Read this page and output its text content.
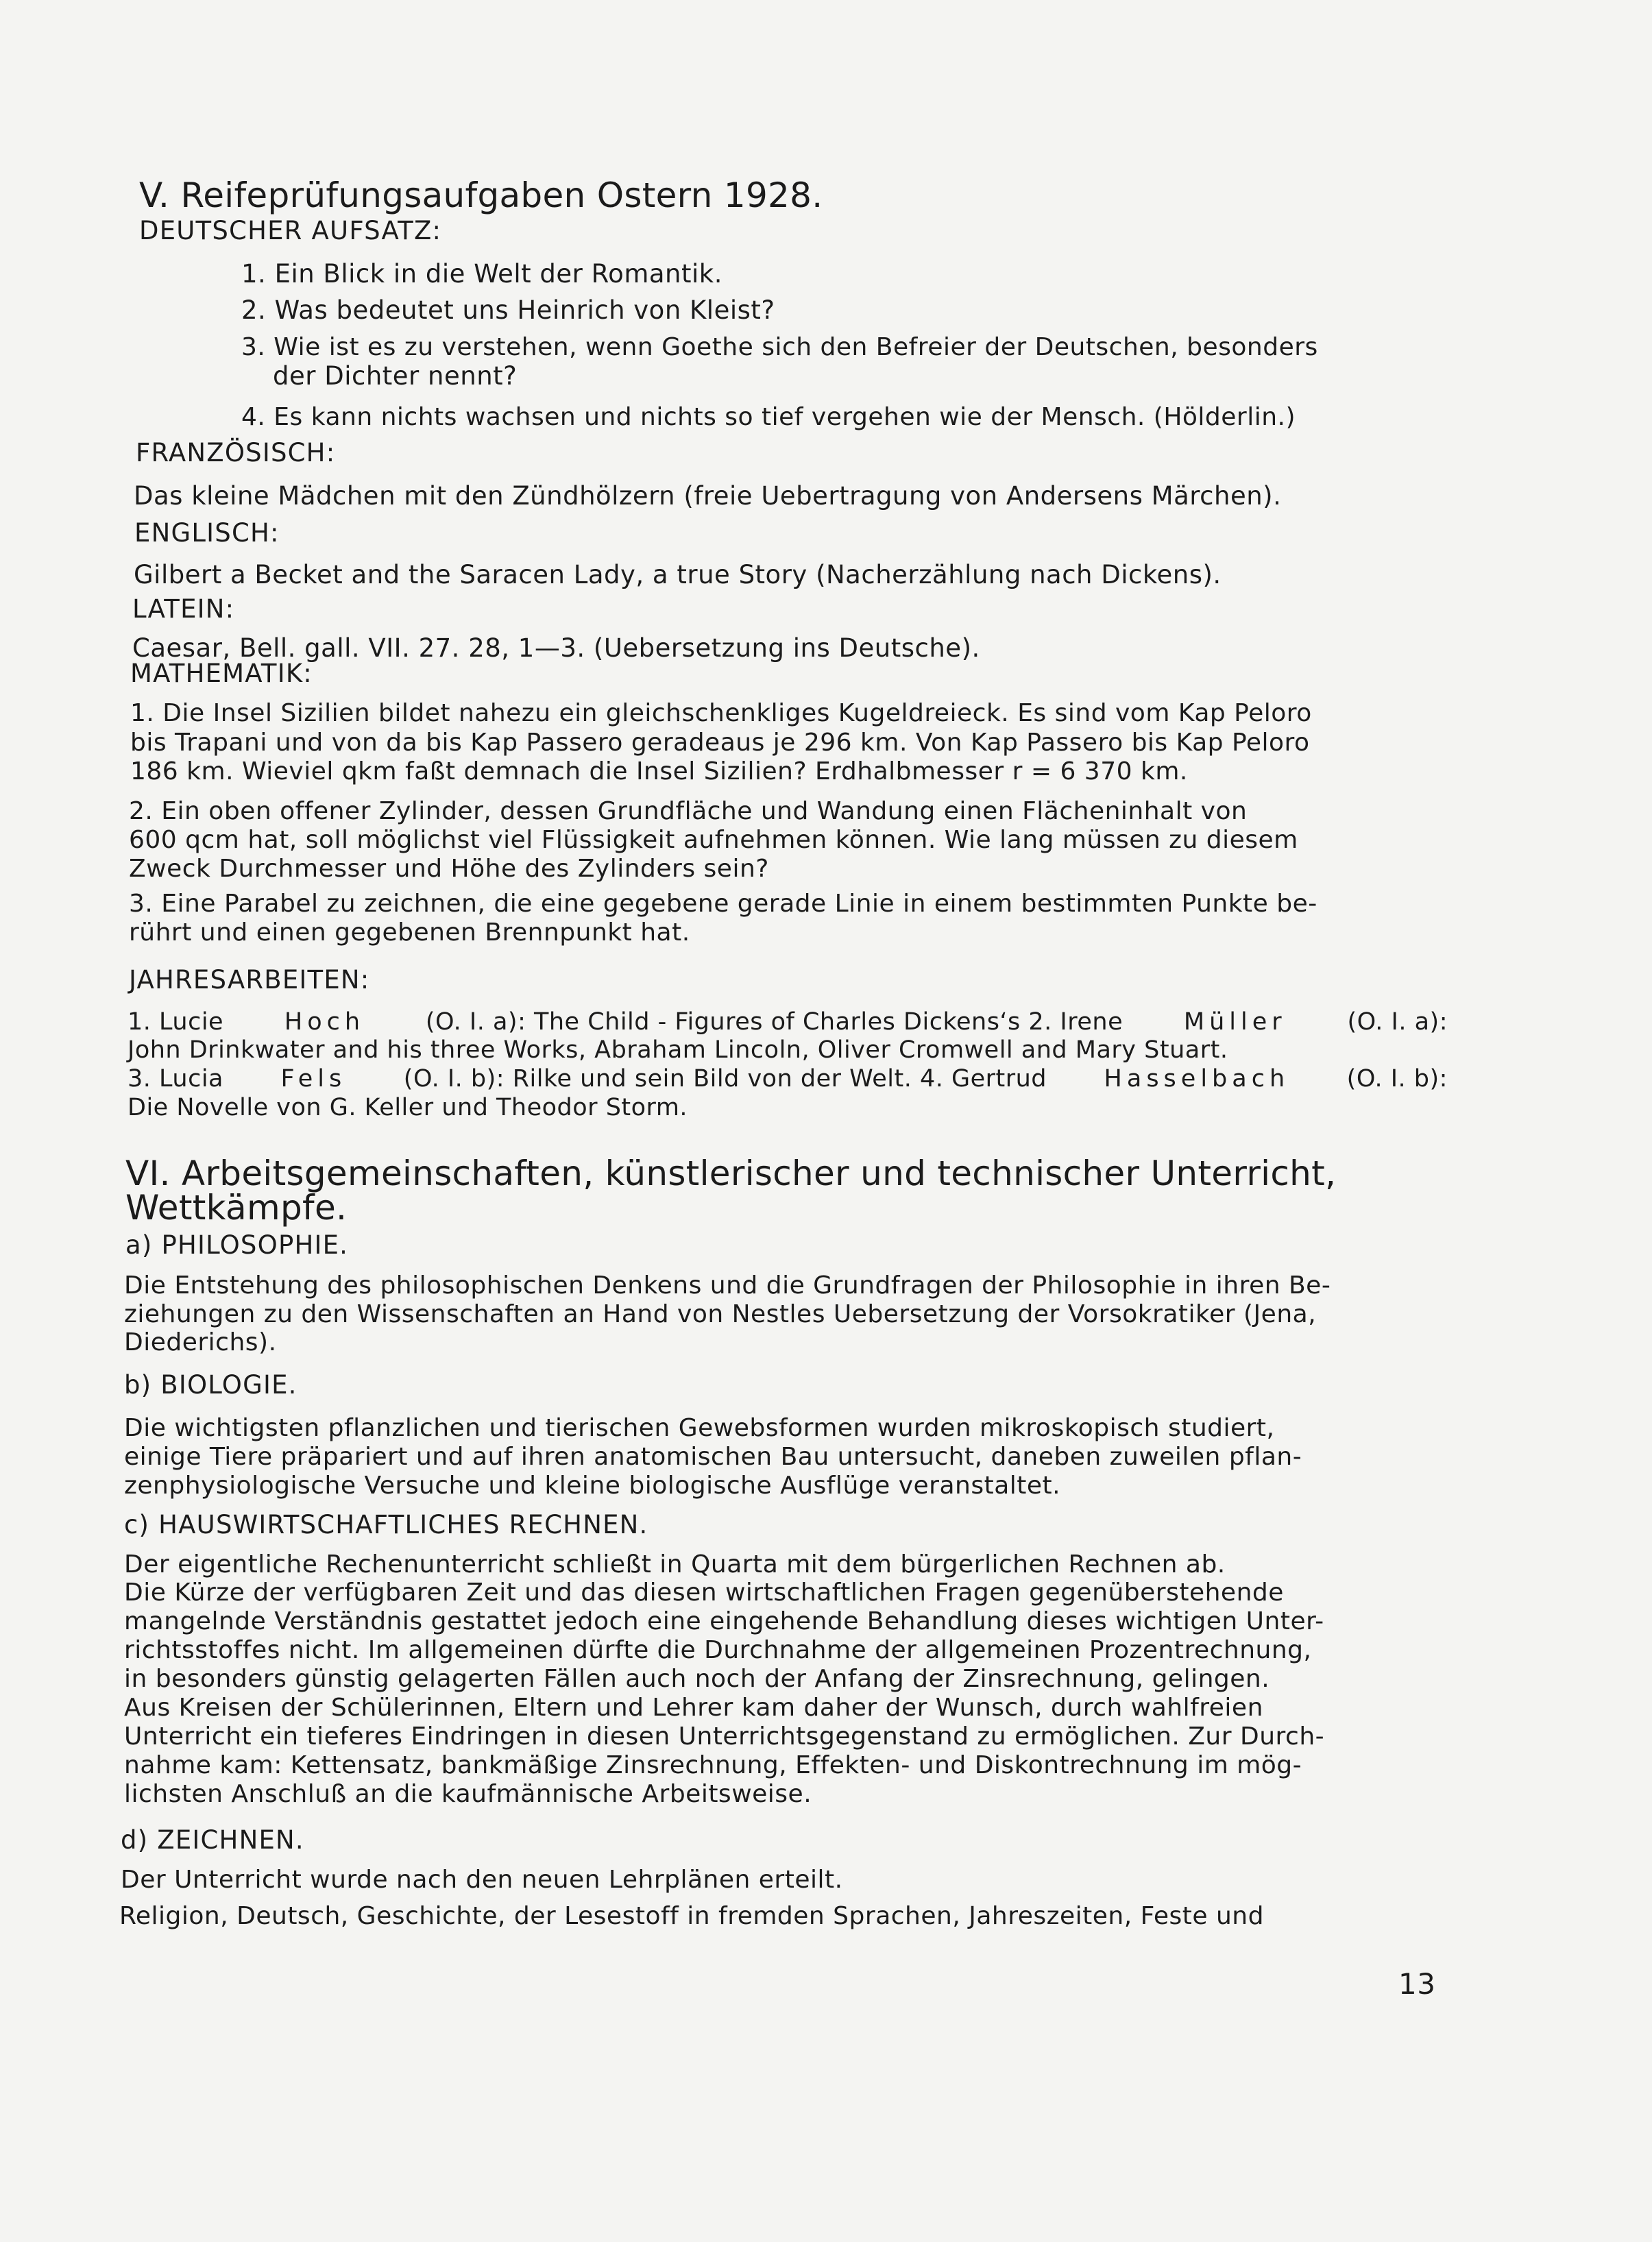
V. Reifeprüfungsaufgaben Ostern 1928.
DEUTSCHER AUFSATZ:
1. Ein Blick in die Welt der Romantik.
2. Was bedeutet uns Heinrich von Kleist?
3. Wie ist es zu verstehen, wenn Goethe sich den Befreier der Deutschen, besonders
der Dichter nennt?
4. Es kann nichts wachsen und nichts so tief vergehen wie der Mensch. (Hölderlin.)
FRANZÖSISCH:
Das kleine Mädchen mit den Zündhölzern (freie Uebertragung von Andersens Märchen).
ENGLISCH:
Gilbert a Becket and the Saracen Lady, a true Story (Nacherzählung nach Dickens).
LATEIN:
Caesar, Bell. gall. VII. 27. 28, 1—3. (Uebersetzung ins Deutsche).
MATHEMATIK:
1. Die Insel Sizilien bildet nahezu ein gleichschenkliges Kugeldreieck. Es sind vom Kap Peloro
bis Trapani und von da bis Kap Passero geradeaus je 296 km. Von Kap Passero bis Kap Peloro
186 km. Wieviel qkm faßt demnach die Insel Sizilien? Erdhalbmesser r = 6 370 km.
2. Ein oben offener Zylinder, dessen Grundfläche und Wandung einen Flächeninhalt von
600 qcm hat, soll möglichst viel Flüssigkeit aufnehmen können. Wie lang müssen zu diesem
Zweck Durchmesser und Höhe des Zylinders sein?
3. Eine Parabel zu zeichnen, die eine gegebene gerade Linie in einem bestimmten Punkte be-
rührt und einen gegebenen Brennpunkt hat.
JAHRESARBEITEN:
1. Lucie	Hoch	(O. I. a): The Child - Figures of Charles Dickens‘s 2. Irene	Müller	(O. I. a):
John Drinkwater and his three Works, Abraham Lincoln, Oliver Cromwell and Mary Stuart.
3. Lucia Fels (O. I. b): Rilke und sein Bild von der Welt. 4. Gertrud Hasselbach (O. I. b):
Die Novelle von G. Keller und Theodor Storm.
VI. Arbeitsgemeinschaften, künstlerischer und technischer Unterricht,
Wettkämpfe.
a) PHILOSOPHIE.
Die Entstehung des philosophischen Denkens und die Grundfragen der Philosophie in ihren Be-
ziehungen zu den Wissenschaften an Hand von Nestles Uebersetzung der Vorsokratiker (Jena,
Diederichs).
b) BIOLOGIE.
Die wichtigsten pflanzlichen und tierischen Gewebsformen wurden mikroskopisch studiert,
einige Tiere präpariert und auf ihren anatomischen Bau untersucht, daneben zuweilen pflan-
zenphysiologische Versuche und kleine biologische Ausflüge veranstaltet.
c) HAUSWIRTSCHAFTLICHES RECHNEN.
Der eigentliche Rechenunterricht schließt in Quarta mit dem bürgerlichen Rechnen ab.
Die Kürze der verfügbaren Zeit und das diesen wirtschaftlichen Fragen gegenüberstehende
mangelnde Verständnis gestattet jedoch eine eingehende Behandlung dieses wichtigen Unter-
richtsstoffes nicht. Im allgemeinen dürfte die Durchnahme der allgemeinen Prozentrechnung,
in besonders günstig gelagerten Fällen auch noch der Anfang der Zinsrechnung, gelingen.
Aus Kreisen der Schülerinnen, Eltern und Lehrer kam daher der Wunsch, durch wahlfreien
Unterricht ein tieferes Eindringen in diesen Unterrichtsgegenstand zu ermöglichen. Zur Durch-
nahme kam: Kettensatz, bankmäßige Zinsrechnung, Effekten- und Diskontrechnung im mög-
lichsten Anschluß an die kaufmännische Arbeitsweise.
d) ZEICHNEN.
Der Unterricht wurde nach den neuen Lehrplänen erteilt.
Religion, Deutsch, Geschichte, der Lesestoff in fremden Sprachen, Jahreszeiten, Feste und
13
